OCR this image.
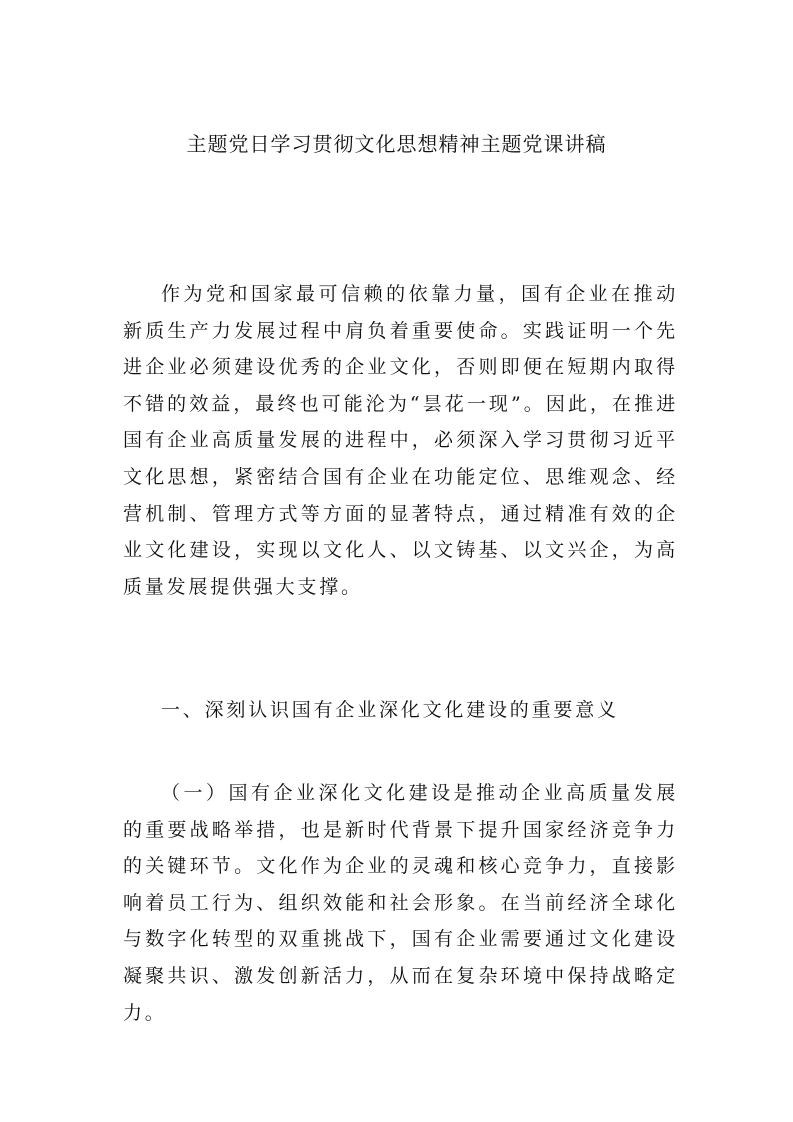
主题党日学习贯彻文化思想精神主题党课讲稿

作为党和国家最可信赖的依靠力量，国有企业在推动新质生产力发展过程中肩负着重要使命。实践证明一个先进企业必须建设优秀的企业文化，否则即便在短期内取得不错的效益，最终也可能沦为“昙花一现”。因此，在推进国有企业高质量发展的进程中，必须深入学习贯彻习近平文化思想，紧密结合国有企业在功能定位、思维观念、经营机制、管理方式等方面的显著特点，通过精准有效的企业文化建设，实现以文化人、以文铸基、以文兴企，为高质量发展提供强大支撑。

一、深刻认识国有企业深化文化建设的重要意义

（一）国有企业深化文化建设是推动企业高质量发展的重要战略举措，也是新时代背景下提升国家经济竞争力的关键环节。文化作为企业的灵魂和核心竞争力，直接影响着员工行为、组织效能和社会形象。在当前经济全球化与数字化转型的双重挑战下，国有企业需要通过文化建设凝聚共识、激发创新活力，从而在复杂环境中保持战略定力。
